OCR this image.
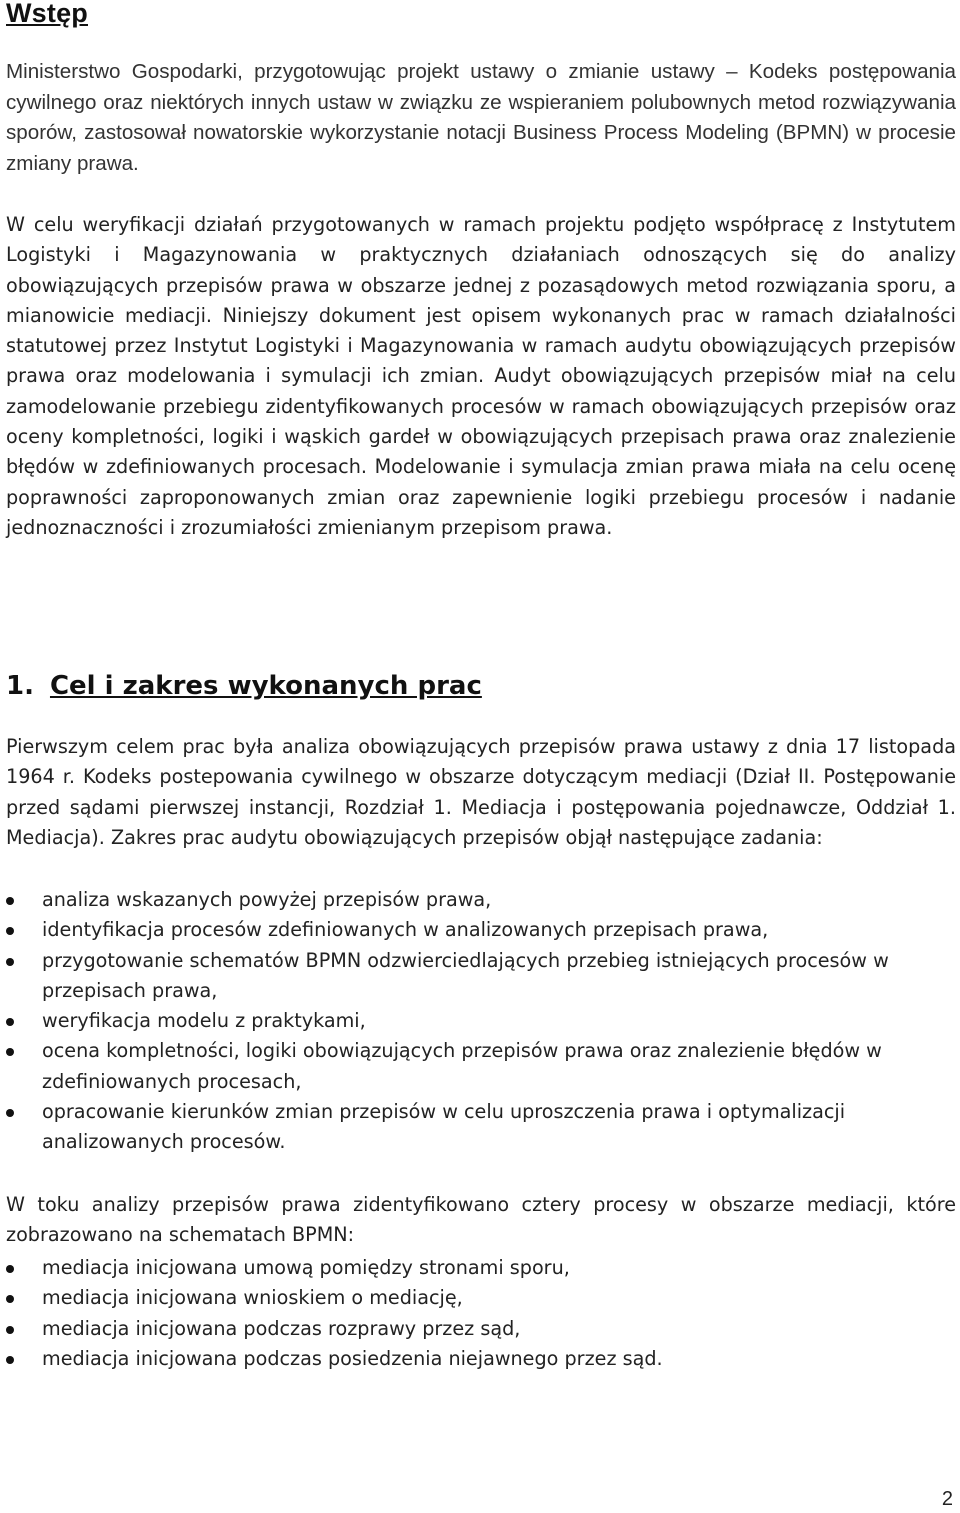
Wstęp

Ministerstwo Gospodarki, przygotowując projekt ustawy o zmianie ustawy – Kodeks postępowania cywilnego oraz niektórych innych ustaw w związku ze wspieraniem polubownych metod rozwiązywania sporów, zastosował nowatorskie wykorzystanie notacji Business Process Modeling (BPMN) w procesie zmiany prawa.

W celu weryfikacji działań przygotowanych w ramach projektu podjęto współpracę z Instytutem Logistyki i Magazynowania w praktycznych działaniach odnoszących się do analizy obowiązujących przepisów prawa w obszarze jednej z pozasądowych metod rozwiązania sporu, a mianowicie mediacji. Niniejszy dokument jest opisem wykonanych prac w ramach działalności statutowej przez Instytut Logistyki i Magazynowania w ramach audytu obowiązujących przepisów prawa oraz modelowania i symulacji ich zmian. Audyt obowiązujących przepisów miał na celu zamodelowanie przebiegu zidentyfikowanych procesów w ramach obowiązujących przepisów oraz oceny kompletności, logiki i wąskich gardeł w obowiązujących przepisach prawa oraz znalezienie błędów w zdefiniowanych procesach. Modelowanie i symulacja zmian prawa miała na celu ocenę poprawności zaproponowanych zmian oraz zapewnienie logiki przebiegu procesów i nadanie jednoznaczności i zrozumiałości zmienianym przepisom prawa.

1. Cel i zakres wykonanych prac

Pierwszym celem prac była analiza obowiązujących przepisów prawa ustawy z dnia 17 listopada 1964 r. Kodeks postepowania cywilnego w obszarze dotyczącym mediacji (Dział II. Postępowanie przed sądami pierwszej instancji, Rozdział 1. Mediacja i postępowania pojednawcze, Oddział 1. Mediacja). Zakres prac audytu obowiązujących przepisów objął następujące zadania:

analiza wskazanych powyżej przepisów prawa,
identyfikacja procesów zdefiniowanych w analizowanych przepisach prawa,
przygotowanie schematów BPMN odzwierciedlających przebieg istniejących procesów w przepisach prawa,
weryfikacja modelu z praktykami,
ocena kompletności, logiki obowiązujących przepisów prawa oraz znalezienie błędów w zdefiniowanych procesach,
opracowanie kierunków zmian przepisów w celu uproszczenia prawa i optymalizacji analizowanych procesów.

W toku analizy przepisów prawa zidentyfikowano cztery procesy w obszarze mediacji, które zobrazowano na schematach BPMN:

mediacja inicjowana umową pomiędzy stronami sporu,
mediacja inicjowana wnioskiem o mediację,
mediacja inicjowana podczas rozprawy przez sąd,
mediacja inicjowana podczas posiedzenia niejawnego przez sąd.
2
